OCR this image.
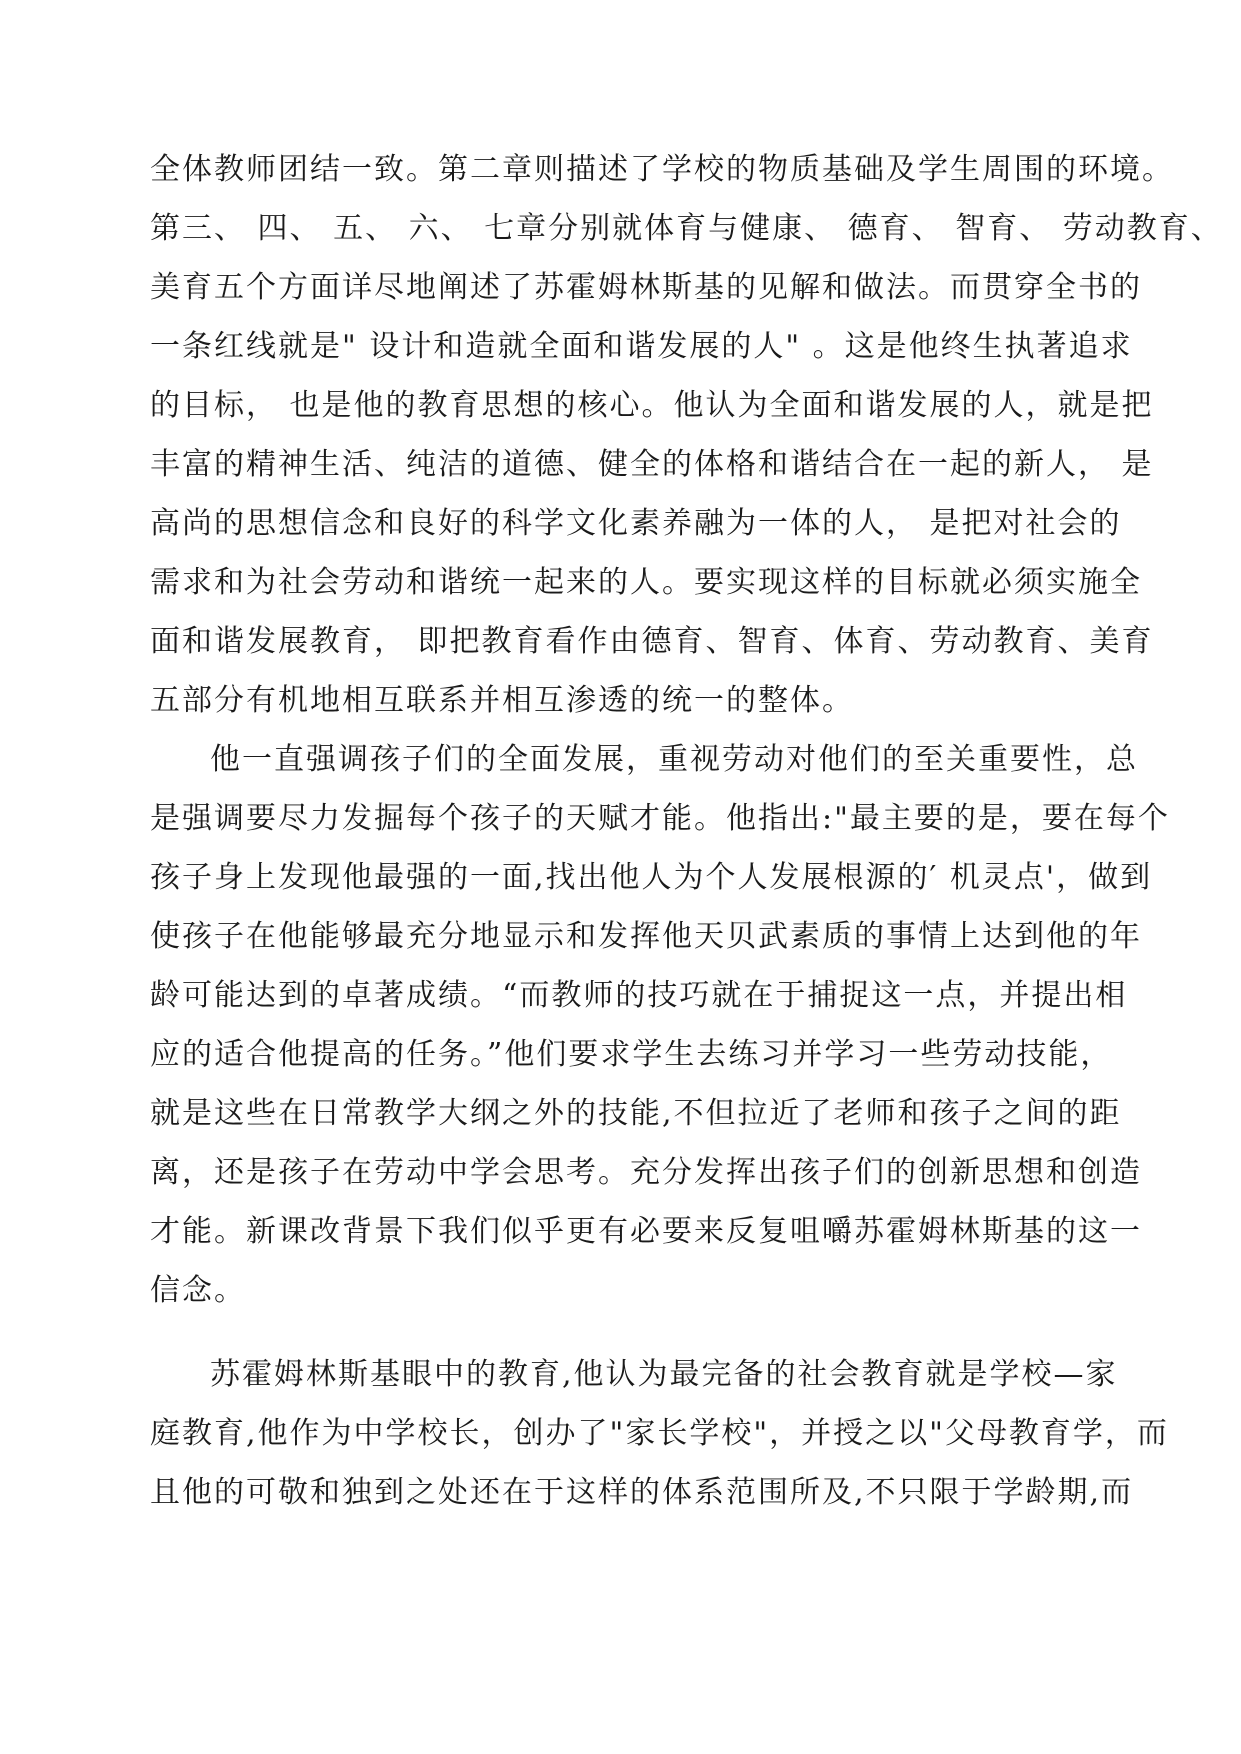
全体教师团结一致。第二章则描述了学校的物质基础及学生周围的环境。
第三、 四、 五、 六、 七章分别就体育与健康、 德育、 智育、 劳动教育、
美育五个方面详尽地阐述了苏霍姆林斯基的见解和做法。而贯穿全书的
一条红线就是" 设计和造就全面和谐发展的人" 。这是他终生执著追求
的目标， 也是他的教育思想的核心。他认为全面和谐发展的人，就是把
丰富的精神生活、纯洁的道德、健全的体格和谐结合在一起的新人， 是
高尚的思想信念和良好的科学文化素养融为一体的人， 是把对社会的
需求和为社会劳动和谐统一起来的人。要实现这样的目标就必须实施全
面和谐发展教育， 即把教育看作由德育、智育、体育、劳动教育、美育
五部分有机地相互联系并相互渗透的统一的整体。
他一直强调孩子们的全面发展，重视劳动对他们的至关重要性，总
是强调要尽力发掘每个孩子的天赋才能。他指出:"最主要的是，要在每个
孩子身上发现他最强的一面,找出他人为个人发展根源的′ 机灵点'，做到
使孩子在他能够最充分地显示和发挥他天贝武素质的事情上达到他的年
龄可能达到的卓著成绩。“而教师的技巧就在于捕捉这一点，并提出相
应的适合他提高的任务。”他们要求学生去练习并学习一些劳动技能，
就是这些在日常教学大纲之外的技能,不但拉近了老师和孩子之间的距
离，还是孩子在劳动中学会思考。充分发挥出孩子们的创新思想和创造
才能。新课改背景下我们似乎更有必要来反复咀嚼苏霍姆林斯基的这一
信念。
苏霍姆林斯基眼中的教育,他认为最完备的社会教育就是学校—家
庭教育,他作为中学校长，创办了"家长学校"，并授之以"父母教育学，而
且他的可敬和独到之处还在于这样的体系范围所及,不只限于学龄期,而
